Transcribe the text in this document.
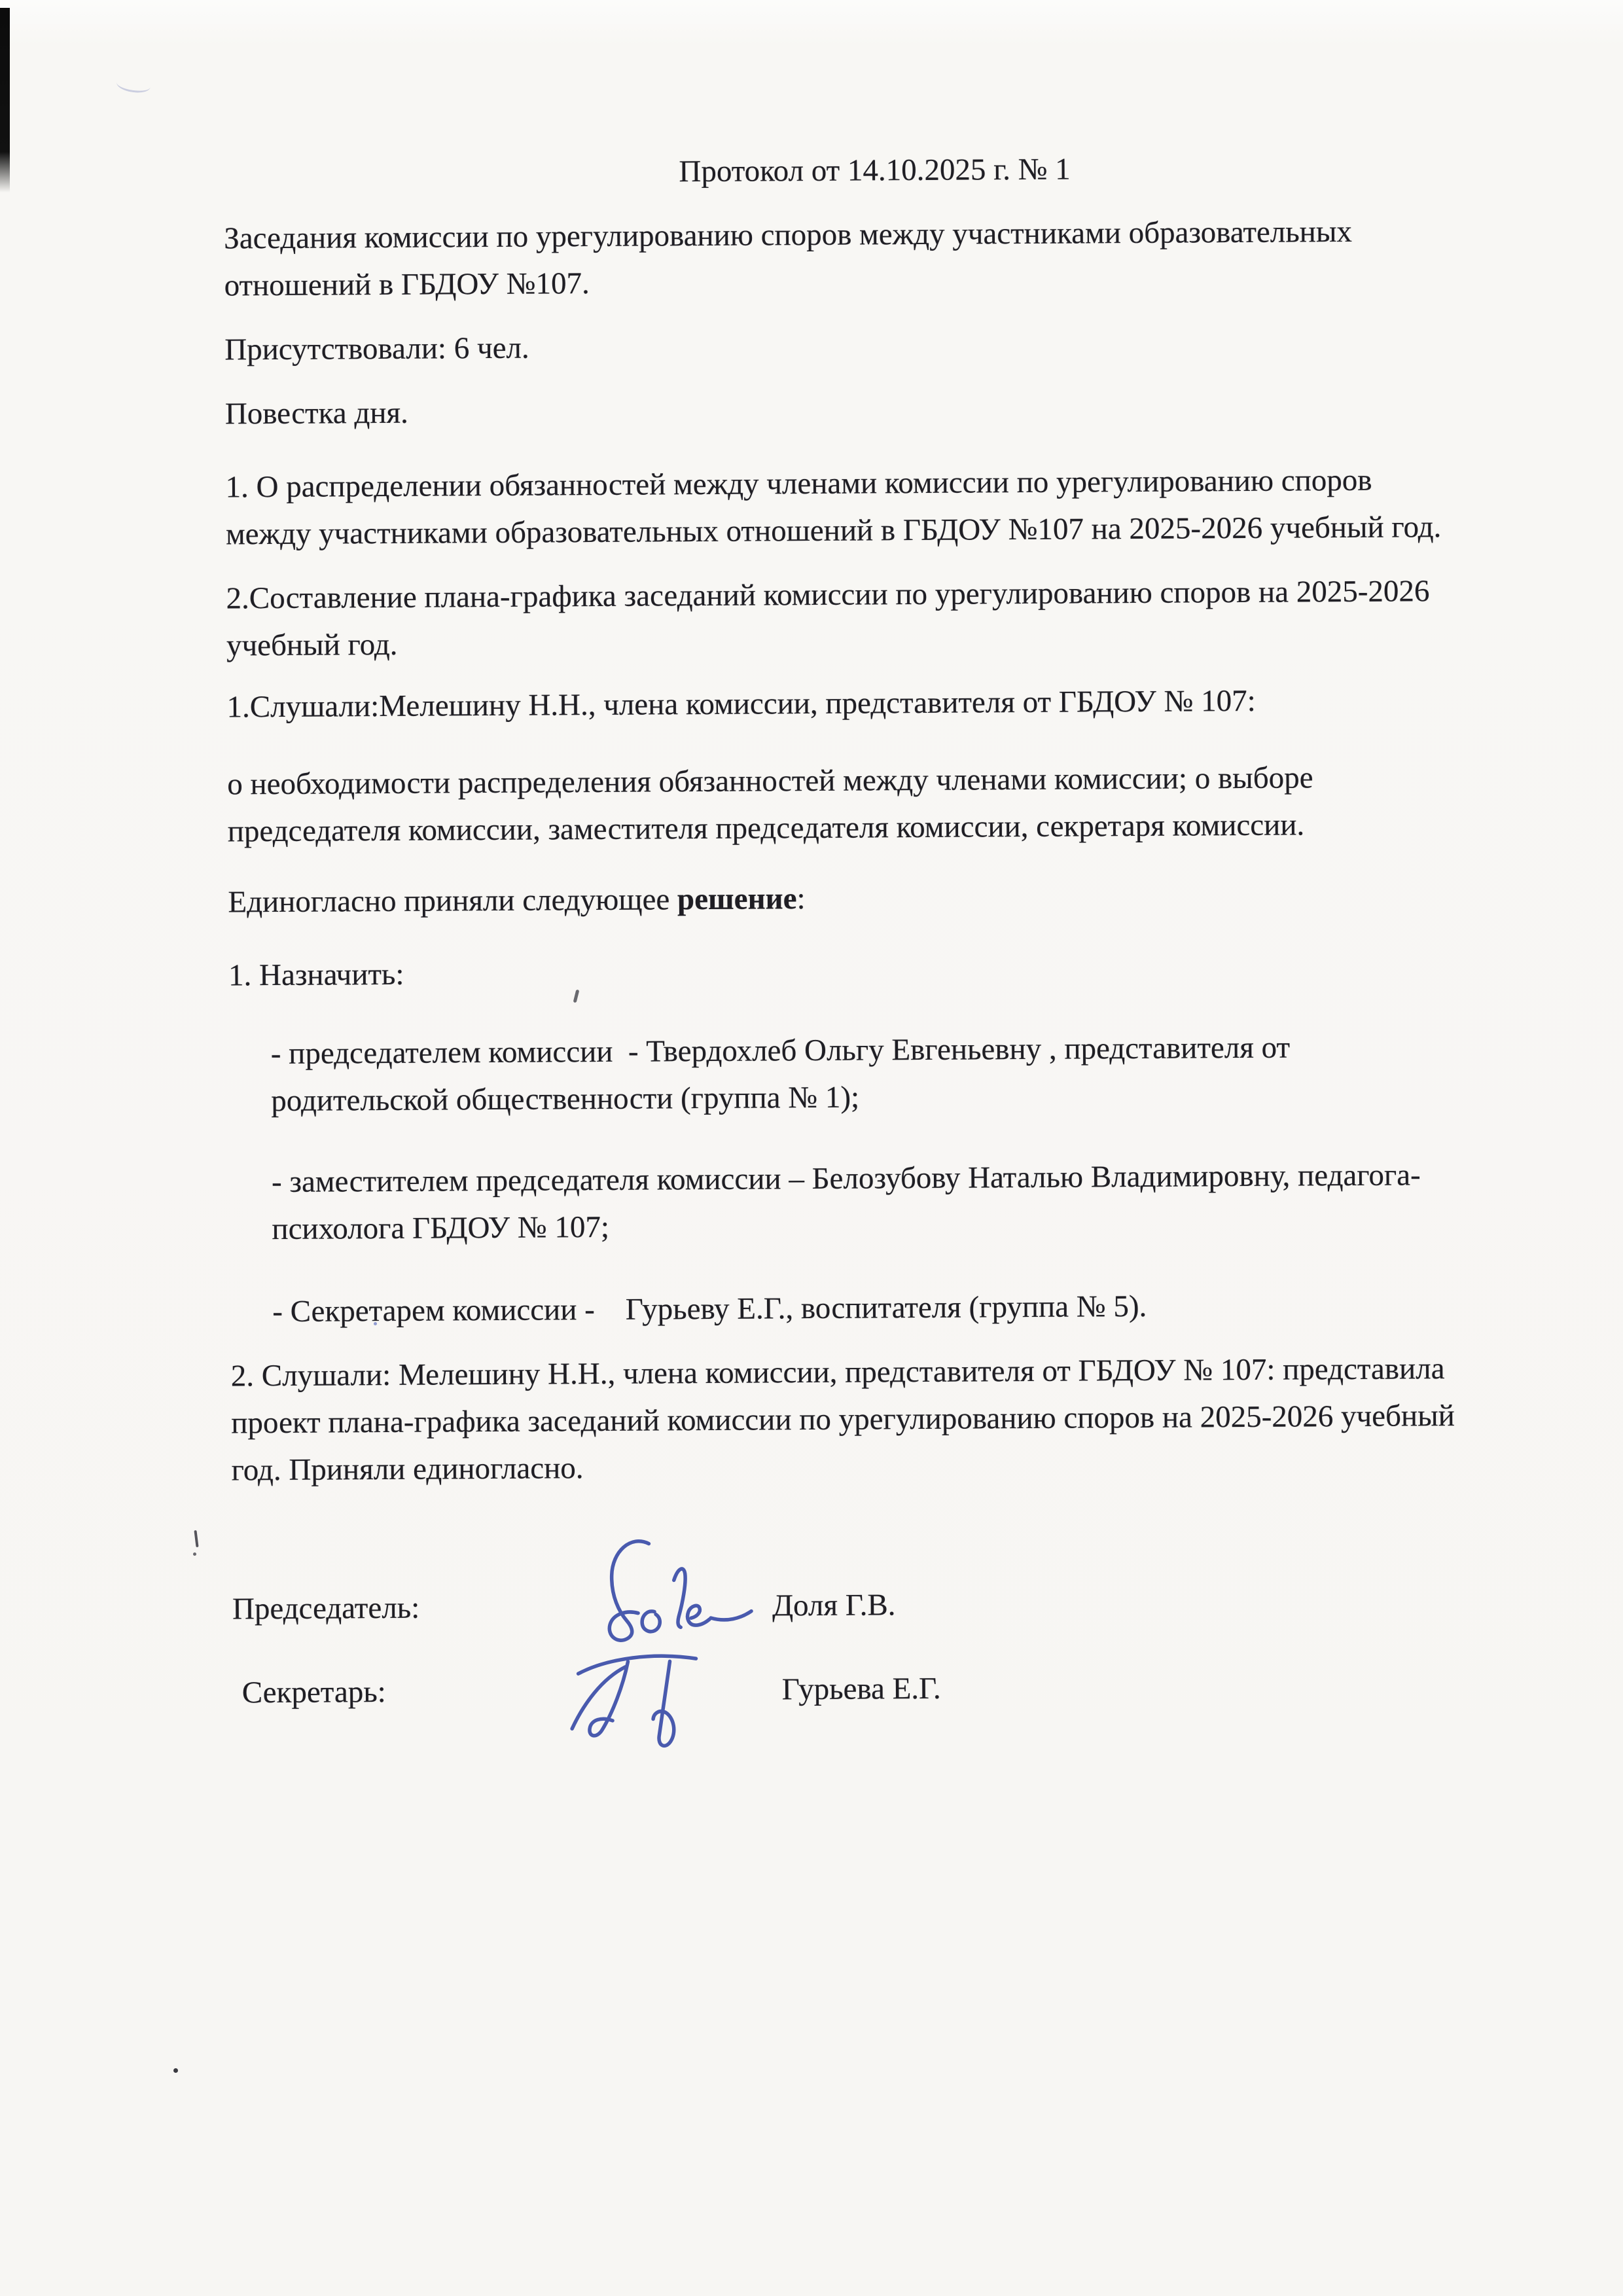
Протокол от 14.10.2025 г. № 1

Заседания комиссии по урегулированию споров между участниками образовательных отношений в ГБДОУ №107.

Присутствовали: 6 чел.

Повестка дня.

1. О распределении обязанностей между членами комиссии по урегулированию споров между участниками образовательных отношений в ГБДОУ №107 на 2025-2026 учебный год.

2.Составление плана-графика заседаний комиссии по урегулированию споров на 2025-2026 учебный год.

1.Слушали:Мелешину Н.Н., члена комиссии, представителя от ГБДОУ № 107:

о необходимости распределения обязанностей между членами комиссии; о выборе председателя комиссии, заместителя председателя комиссии, секретаря комиссии.

Единогласно приняли следующее решение:

1. Назначить:

- председателем комиссии  - Твердохлеб Ольгу Евгеньевну , представителя от родительской общественности (группа № 1);

- заместителем председателя комиссии – Белозубову Наталью Владимировну, педагога-психолога ГБДОУ № 107;

- Секретарем комиссии -    Гурьеву Е.Г., воспитателя (группа № 5).

2. Слушали: Мелешину Н.Н., члена комиссии, представителя от ГБДОУ № 107: представила проект плана-графика заседаний комиссии по урегулированию споров на 2025-2026 учебный год. Приняли единогласно.

Председатель:	Доля Г.В.
Секретарь:	Гурьева Е.Г.
